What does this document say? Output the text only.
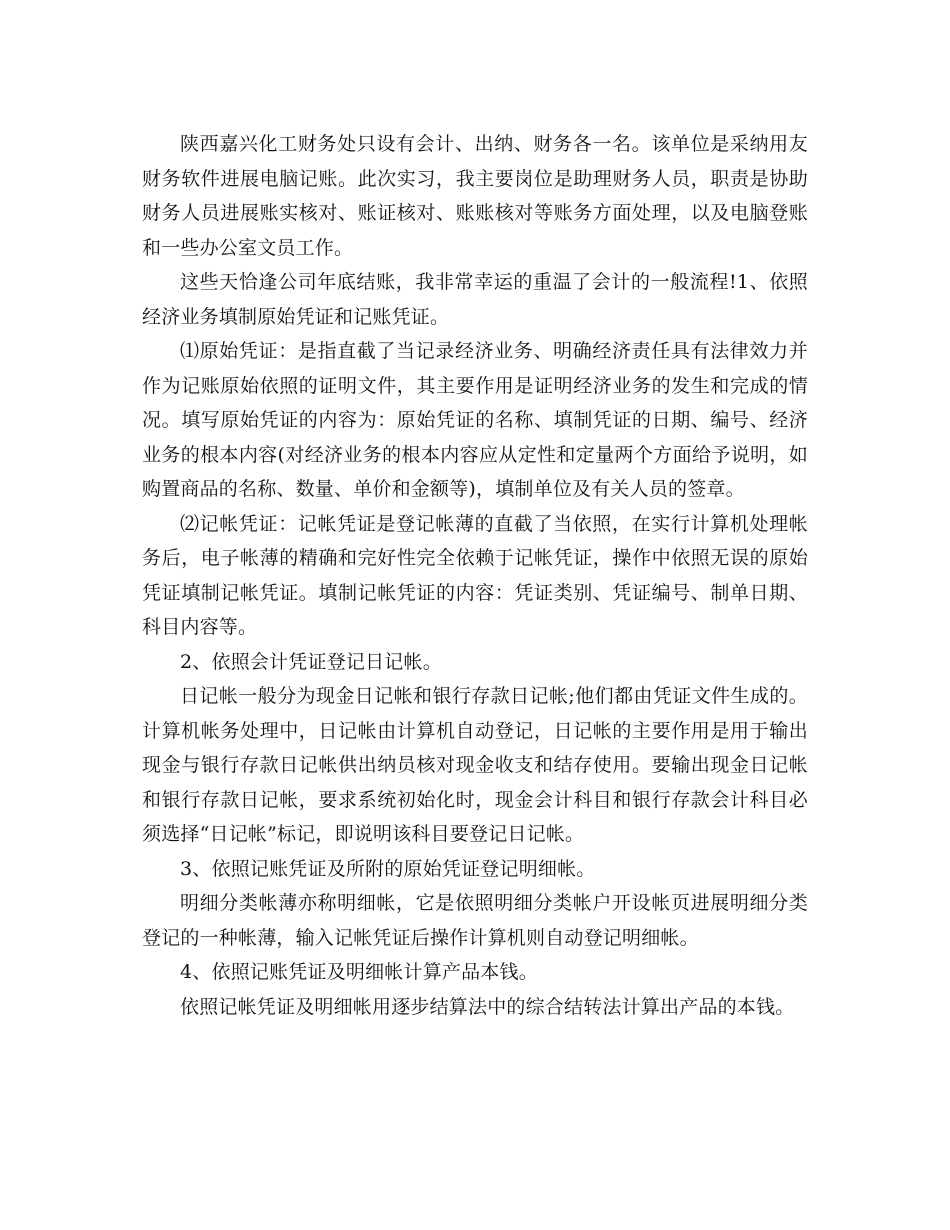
陕西嘉兴化工财务处只设有会计、出纳、财务各一名。该单位是采纳用友财务软件进展电脑记账。此次实习，我主要岗位是助理财务人员，职责是协助财务人员进展账实核对、账证核对、账账核对等账务方面处理，以及电脑登账和一些办公室文员工作。

这些天恰逢公司年底结账，我非常幸运的重温了会计的一般流程!1、依照经济业务填制原始凭证和记账凭证。

⑴原始凭证：是指直截了当记录经济业务、明确经济责任具有法律效力并作为记账原始依照的证明文件，其主要作用是证明经济业务的发生和完成的情况。填写原始凭证的内容为：原始凭证的名称、填制凭证的日期、编号、经济业务的根本内容(对经济业务的根本内容应从定性和定量两个方面给予说明，如购置商品的名称、数量、单价和金额等)，填制单位及有关人员的签章。

⑵记帐凭证：记帐凭证是登记帐薄的直截了当依照，在实行计算机处理帐务后，电子帐薄的精确和完好性完全依赖于记帐凭证，操作中依照无误的原始凭证填制记帐凭证。填制记帐凭证的内容：凭证类别、凭证编号、制单日期、科目内容等。

2、依照会计凭证登记日记帐。

日记帐一般分为现金日记帐和银行存款日记帐;他们都由凭证文件生成的。计算机帐务处理中，日记帐由计算机自动登记，日记帐的主要作用是用于输出现金与银行存款日记帐供出纳员核对现金收支和结存使用。要输出现金日记帐和银行存款日记帐，要求系统初始化时，现金会计科目和银行存款会计科目必须选择“日记帐”标记，即说明该科目要登记日记帐。

3、依照记账凭证及所附的原始凭证登记明细帐。

明细分类帐薄亦称明细帐，它是依照明细分类帐户开设帐页进展明细分类登记的一种帐薄，输入记帐凭证后操作计算机则自动登记明细帐。

4、依照记账凭证及明细帐计算产品本钱。

依照记帐凭证及明细帐用逐步结算法中的综合结转法计算出产品的本钱。
